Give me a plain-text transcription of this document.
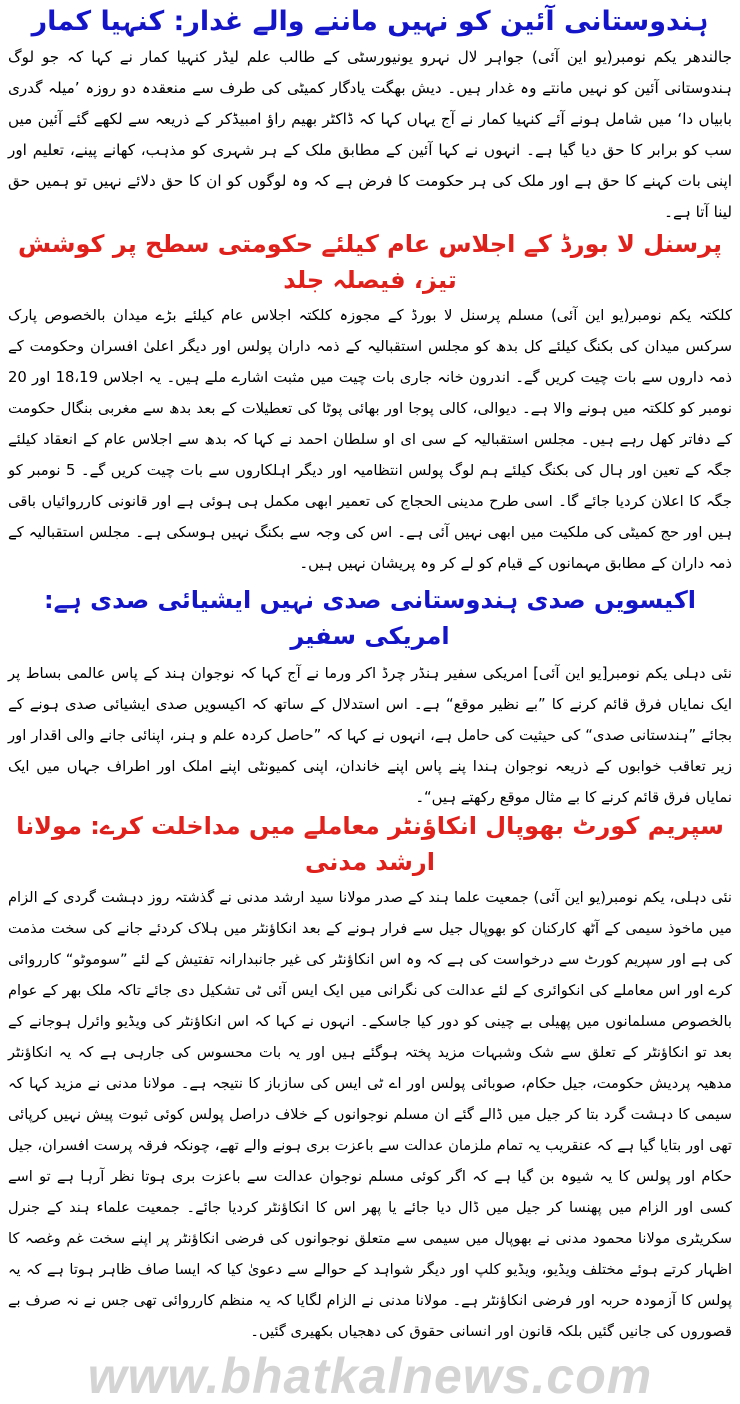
ہندوستانی آئین کو نہیں ماننے والے غدار: کنہیا کمار

جالندھر یکم نومبر(یو این آئی) جواہر لال نہرو یونیورسٹی کے طالب علم لیڈر کنہیا کمار نے کہا کہ جو لوگ ہندوستانی آئین کو نہیں مانتے وہ غدار ہیں۔ دیش بھگت یادگار کمیٹی کی طرف سے منعقدہ دو روزہ ’میلہ گدری بابیاں دا‘ میں شامل ہونے آئے کنہیا کمار نے آج یہاں کہا کہ ڈاکٹر بھیم راؤ امبیڈکر کے ذریعہ سے لکھے گئے آئین میں سب کو برابر کا حق دیا گیا ہے۔ انہوں نے کہا آئین کے مطابق ملک کے ہر شہری کو مذہب، کھانے پینے، تعلیم اور اپنی بات کہنے کا حق ہے اور ملک کی ہر حکومت کا فرض ہے کہ وہ لوگوں کو ان کا حق دلائے نہیں تو ہمیں حق لینا آتا ہے۔

پرسنل لا بورڈ کے اجلاس عام کیلئے حکومتی سطح پر کوشش تیز، فیصلہ جلد

کلکتہ یکم نومبر(یو این آئی) مسلم پرسنل لا بورڈ کے مجوزہ کلکتہ اجلاس عام کیلئے بڑے میدان بالخصوص پارک سرکس میدان کی بکنگ کیلئے کل بدھ کو مجلس استقبالیہ کے ذمہ داران پولس اور دیگر اعلیٰ افسران وحکومت کے ذمہ داروں سے بات چیت کریں گے۔ اندرون خانہ جاری بات چیت میں مثبت اشارے ملے ہیں۔ یہ اجلاس 18،19 اور 20 نومبر کو کلکتہ میں ہونے والا ہے۔ دیوالی، کالی پوجا اور بھائی پوٹا کی تعطیلات کے بعد بدھ سے مغربی بنگال حکومت کے دفاتر کھل رہے ہیں۔ مجلس استقبالیہ کے سی ای او سلطان احمد نے کہا کہ بدھ سے اجلاس عام کے انعقاد کیلئے جگہ کے تعین اور ہال کی بکنگ کیلئے ہم لوگ پولس انتظامیہ اور دیگر اہلکاروں سے بات چیت کریں گے۔ 5 نومبر کو جگہ کا اعلان کردیا جائے گا۔ اسی طرح مدینی الحجاج کی تعمیر ابھی مکمل ہی ہوئی ہے اور قانونی کارروائیاں باقی ہیں اور حج کمیٹی کی ملکیت میں ابھی نہیں آئی ہے۔ اس کی وجہ سے بکنگ نہیں ہوسکی ہے۔ مجلس استقبالیہ کے ذمہ داران کے مطابق مہمانوں کے قیام کو لے کر وہ پریشان نہیں ہیں۔

اکیسویں صدی ہندوستانی صدی نہیں ایشیائی صدی ہے: امریکی سفیر

نئی دہلی یکم نومبر[یو این آئی] امریکی سفیر ہنڈر چرڈ اکر ورما نے آج کہا کہ نوجوان ہند کے پاس عالمی بساط پر ایک نمایاں فرق قائم کرنے کا ”بے نظیر موقع“ ہے۔ اس استدلال کے ساتھ کہ اکیسویں صدی ایشیائی صدی ہونے کے بجائے ”ہندستانی صدی“ کی حیثیت کی حامل ہے، انہوں نے کہا کہ ”حاصل کردہ علم و ہنر، اپنائی جانے والی اقدار اور زیر تعاقب خوابوں کے ذریعہ نوجوان ہندا پنے پاس اپنے خاندان، اپنی کمیونٹی اپنے املک اور اطراف جہاں میں ایک نمایاں فرق قائم کرنے کا بے مثال موقع رکھتے ہیں“۔

سپریم کورٹ بھوپال انکاؤنٹر معاملے میں مداخلت کرے: مولانا ارشد مدنی

نئی دہلی، یکم نومبر(یو این آئی) جمعیت علما ہند کے صدر مولانا سید ارشد مدنی نے گذشتہ روز دہشت گردی کے الزام میں ماخوذ سیمی کے آٹھ کارکنان کو بھوپال جیل سے فرار ہونے کے بعد انکاؤنٹر میں ہلاک کردئے جانے کی سخت مذمت کی ہے اور سپریم کورٹ سے درخواست کی ہے کہ وہ اس انکاؤنٹر کی غیر جانبدارانہ تفتیش کے لئے ”سوموٹو“ کارروائی کرے اور اس معاملے کی انکوائری کے لئے عدالت کی نگرانی میں ایک ایس آئی ٹی تشکیل دی جائے تاکہ ملک بھر کے عوام بالخصوص مسلمانوں میں پھیلی بے چینی کو دور کیا جاسکے۔ انہوں نے کہا کہ اس انکاؤنٹر کی ویڈیو وائرل ہوجانے کے بعد تو انکاؤنٹر کے تعلق سے شک وشبہات مزید پختہ ہوگئے ہیں اور یہ بات محسوس کی جارہی ہے کہ یہ انکاؤنٹر مدھیہ پردیش حکومت، جیل حکام، صوبائی پولس اور اے ٹی ایس کی سازباز کا نتیجہ ہے۔ مولانا مدنی نے مزید کہا کہ سیمی کا دہشت گرد بتا کر جیل میں ڈالے گئے ان مسلم نوجوانوں کے خلاف دراصل پولس کوئی ثبوت پیش نہیں کرپائی تھی اور بتایا گیا ہے کہ عنقریب یہ تمام ملزمان عدالت سے باعزت بری ہونے والے تھے، چونکہ فرقہ پرست افسران، جیل حکام اور پولس کا یہ شیوہ بن گیا ہے کہ اگر کوئی مسلم نوجوان عدالت سے باعزت بری ہوتا نظر آرہا ہے تو اسے کسی اور الزام میں پھنسا کر جیل میں ڈال دیا جائے یا پھر اس کا انکاؤنٹر کردیا جائے۔ جمعیت علماء ہند کے جنرل سکریٹری مولانا محمود مدنی نے بھوپال میں سیمی سے متعلق نوجوانوں کی فرضی انکاؤنٹر پر اپنے سخت غم وغصہ کا اظہار کرتے ہوئے مختلف ویڈیو، ویڈیو کلپ اور دیگر شواہد کے حوالے سے دعویٰ کیا کہ ایسا صاف ظاہر ہوتا ہے کہ یہ پولس کا آزمودہ حربہ اور فرضی انکاؤنٹر ہے۔ مولانا مدنی نے الزام لگایا کہ یہ منظم کارروائی تھی جس نے نہ صرف بے قصوروں کی جانیں گئیں بلکہ قانون اور انسانی حقوق کی دھجیاں بکھیری گئیں۔

www.bhatkalnews.com
